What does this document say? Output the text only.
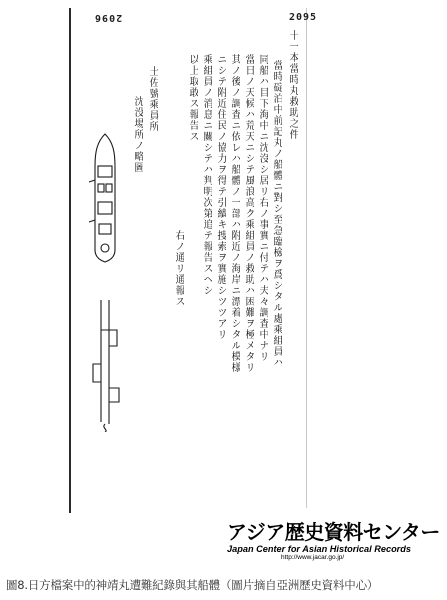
2096	2095
十一本當時丸救助之件
當時碇泊中前記丸ノ船體ニ對シ至急臨檢ヲ爲シタル處乘組員ハ
同船ハ目下海中ニ沈沒シ居リ右ノ事實ニ付テハ夫々調査中ナリ
當日ノ天候ハ荒天ニシテ風浪高ク乘組員ノ救助ハ困難ヲ極メタリ
其ノ後ノ調査ニ依レハ船體ノ一部ハ附近ノ海岸ニ漂着シタル模様
ニシテ附近住民ノ協力ヲ得テ引續キ捜索ヲ實施シツツアリ
乘組員ノ消息ニ關シテハ判明次第追テ報告スヘシ
以上取敢ス報告ス
右ノ通リ通報ス
土佐號乘員所
沈没場所ノ略圖
アジア歴史資料センター
Japan Center for Asian Historical Records
http://www.jacar.go.jp/
圖8.日方檔案中的神靖丸遭難紀錄與其船體（圖片摘自亞洲歷史資料中心）
